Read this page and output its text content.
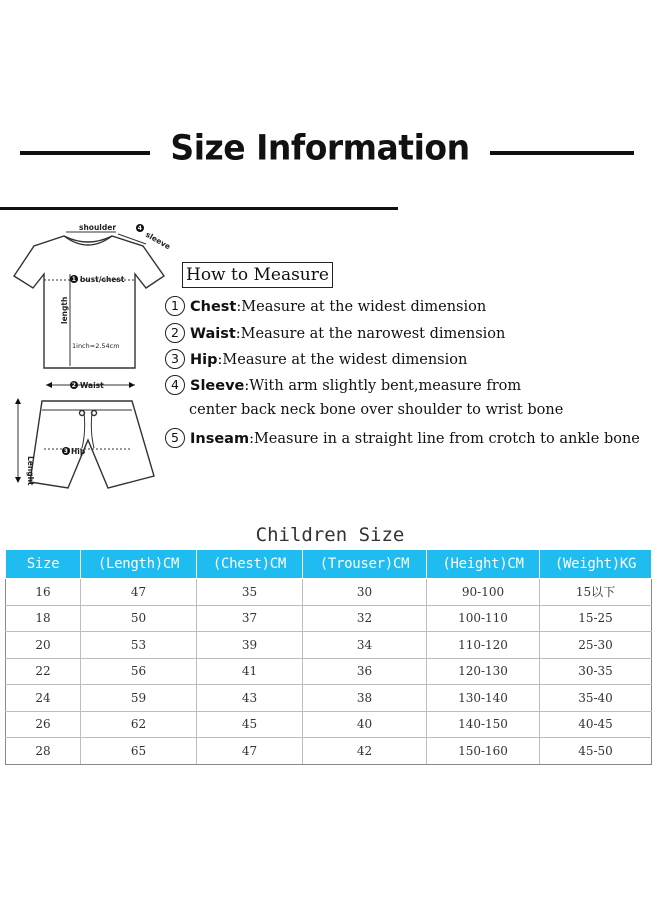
Size Information
1
4
2
3
shoulder
sleeve
bust/chest
length
1inch=2.54cm
Waist
Hip
Lenght
How to Measure
1 Chest:Measure at the widest dimension
2 Waist:Measure at the narowest dimension
3 Hip:Measure at the widest dimension
4 Sleeve:With arm slightly bent,measure from
center back neck bone over shoulder to wrist bone
5 Inseam:Measure in a straight line from crotch to ankle bone
Children Size
Size	(Length)CM	(Chest)CM	(Trouser)CM	(Height)CM	(Weight)KG
16	47	35	30	90-100	15以下
18	50	37	32	100-110	15-25
20	53	39	34	110-120	25-30
22	56	41	36	120-130	30-35
24	59	43	38	130-140	35-40
26	62	45	40	140-150	40-45
28	65	47	42	150-160	45-50
